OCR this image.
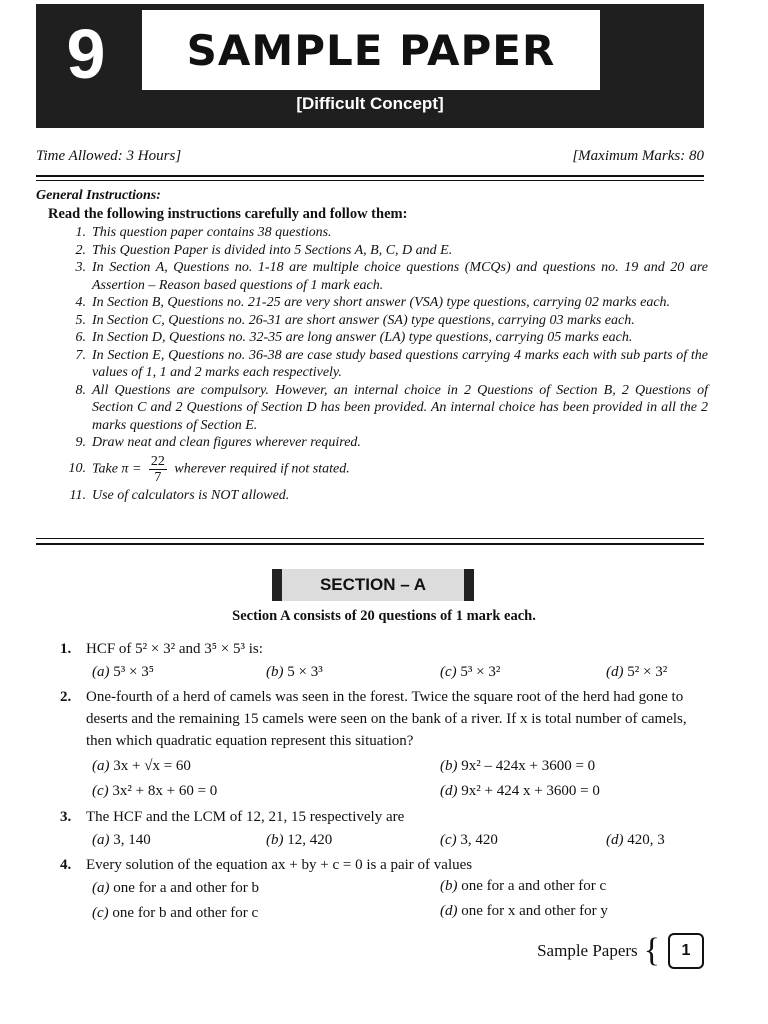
9	SAMPLE PAPER
[Difficult Concept]
Time Allowed: 3 Hours]	[Maximum Marks: 80
General Instructions:
Read the following instructions carefully and follow them:
1. This question paper contains 38 questions.
2. This Question Paper is divided into 5 Sections A, B, C, D and E.
3. In Section A, Questions no. 1-18 are multiple choice questions (MCQs) and questions no. 19 and 20 are Assertion – Reason based questions of 1 mark each.
4. In Section B, Questions no. 21-25 are very short answer (VSA) type questions, carrying 02 marks each.
5. In Section C, Questions no. 26-31 are short answer (SA) type questions, carrying 03 marks each.
6. In Section D, Questions no. 32-35 are long answer (LA) type questions, carrying 05 marks each.
7. In Section E, Questions no. 36-38 are case study based questions carrying 4 marks each with sub parts of the values of 1, 1 and 2 marks each respectively.
8. All Questions are compulsory. However, an internal choice in 2 Questions of Section B, 2 Questions of Section C and 2 Questions of Section D has been provided. An internal choice has been provided in all the 2 marks questions of Section E.
9. Draw neat and clean figures wherever required.
10. Take $\pi = \frac{22}{7}$ wherever required if not stated.
11. Use of calculators is NOT allowed.
SECTION – A
Section A consists of 20 questions of 1 mark each.
1. HCF of 5² × 3² and 3⁵ × 5³ is:
(a) 5³ × 3⁵	(b) 5 × 3³	(c) 5³ × 3²	(d) 5² × 3²
2. One-fourth of a herd of camels was seen in the forest. Twice the square root of the herd had gone to deserts and the remaining 15 camels were seen on the bank of a river. If x is total number of camels, then which quadratic equation represent this situation?
(a) 3x + √x = 60	(b) 9x² – 424x + 3600 = 0
(c) 3x² + 8x + 60 = 0	(d) 9x² + 424 x + 3600 = 0
3. The HCF and the LCM of 12, 21, 15 respectively are
(a) 3, 140	(b) 12, 420	(c) 3, 420	(d) 420, 3
4. Every solution of the equation ax + by + c = 0 is a pair of values
(a) one for a and other for b	(b) one for a and other for c
(c) one for b and other for c	(d) one for x and other for y
Sample Papers {	1
